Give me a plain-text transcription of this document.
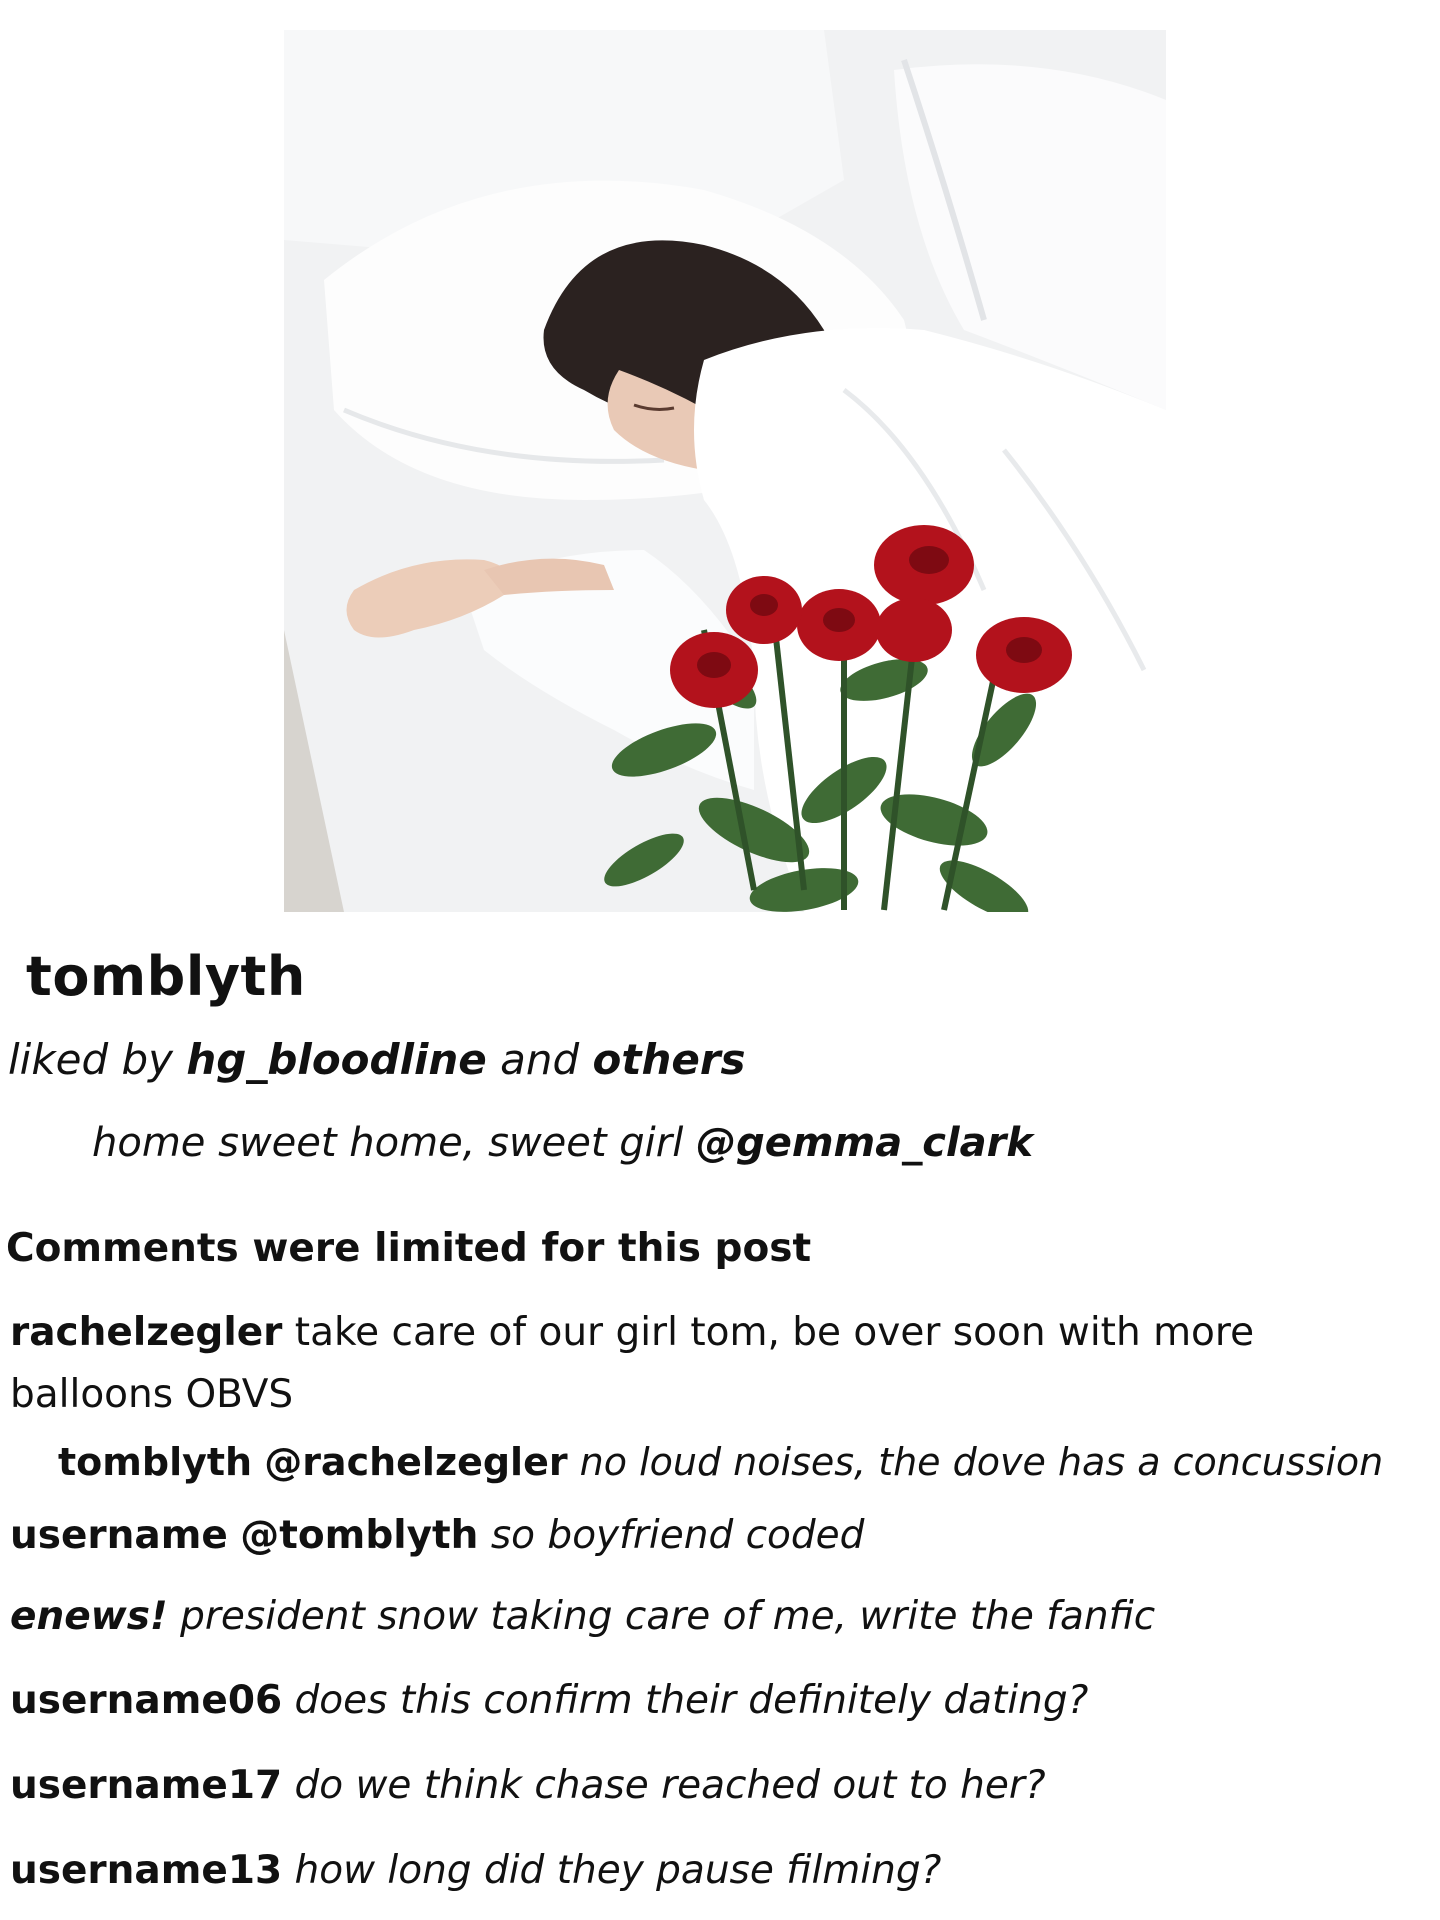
tomblyth
liked by hg_bloodline and others
home sweet home, sweet girl @gemma_clark
Comments were limited for this post
rachelzegler take care of our girl tom, be over soon with more
balloons OBVS
tomblyth @rachelzegler no loud noises, the dove has a concussion
username @tomblyth so boyfriend coded
enews! president snow taking care of me, write the fanfic
username06 does this confirm their definitely dating?
username17 do we think chase reached out to her?
username13 how long did they pause filming?
